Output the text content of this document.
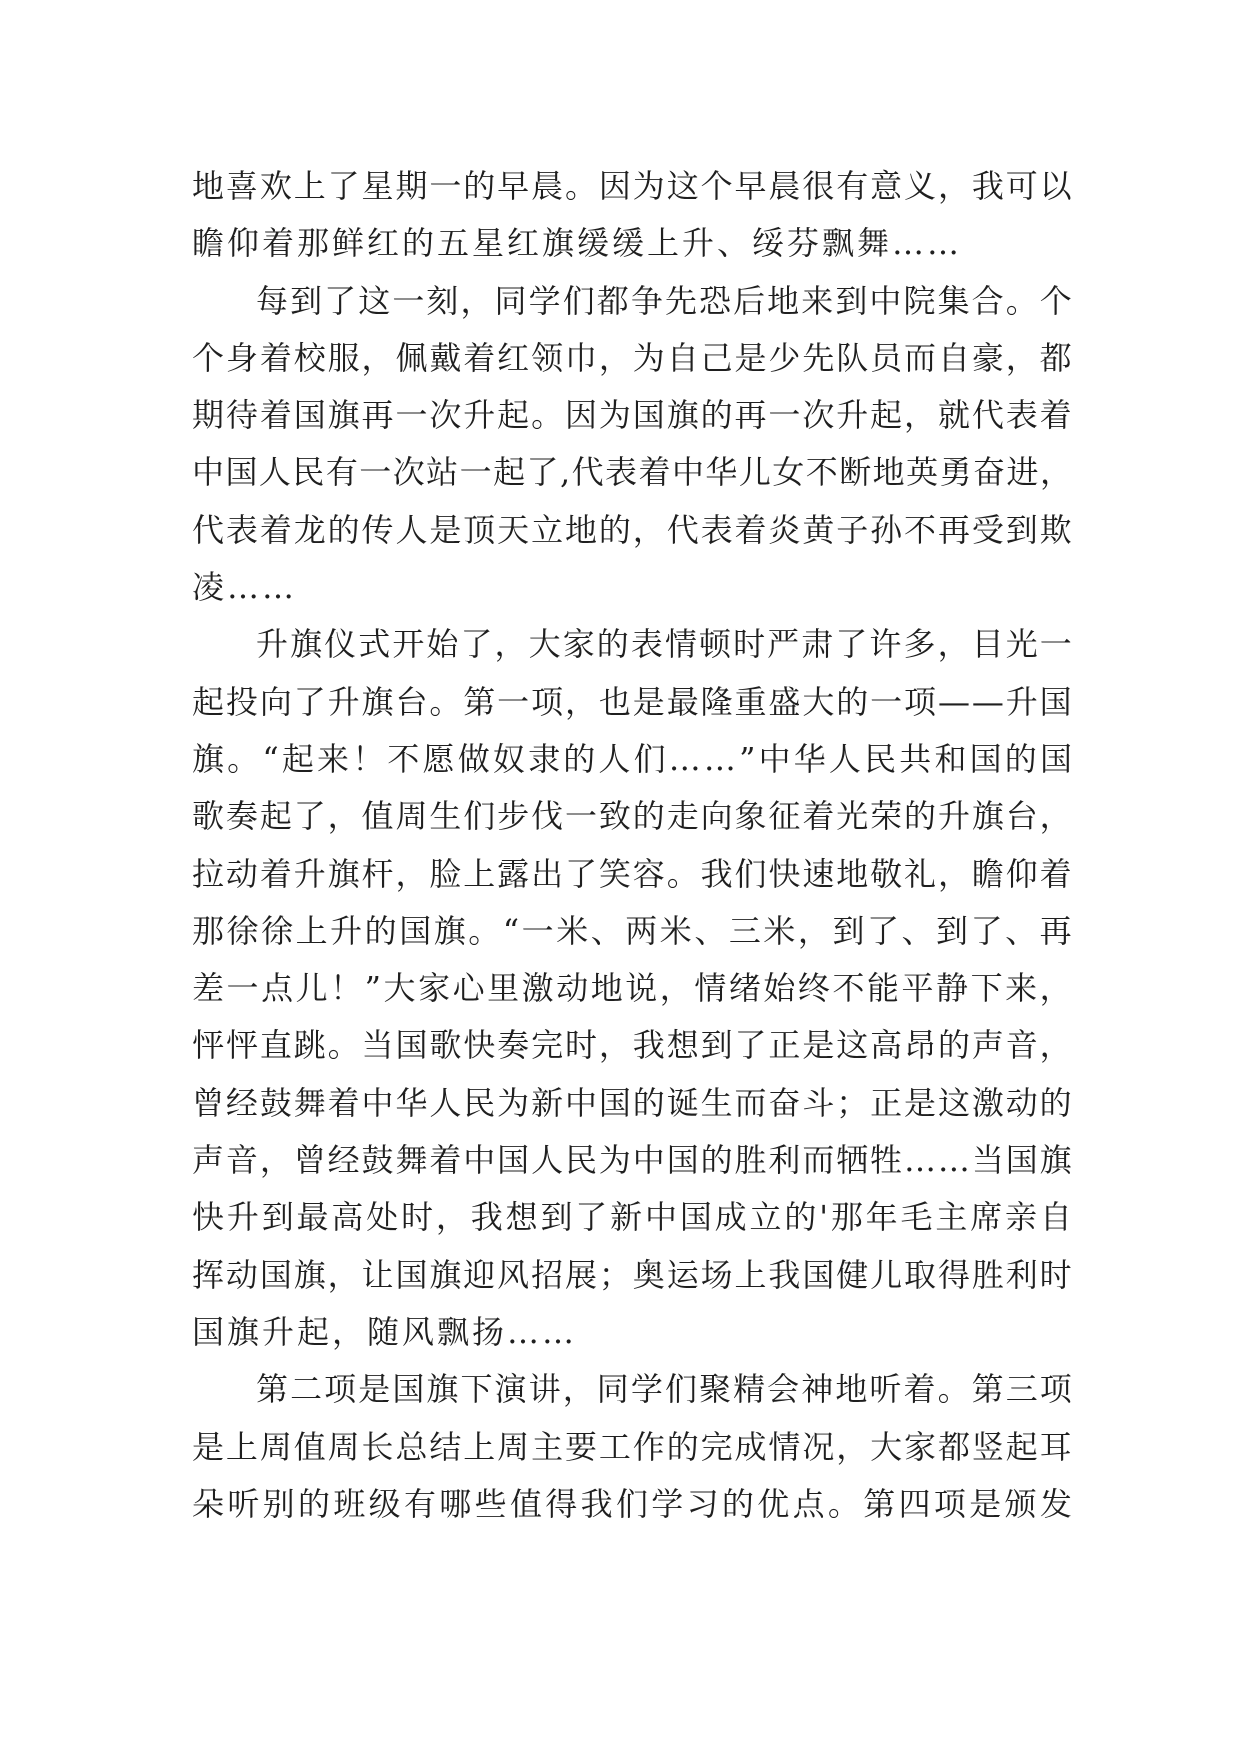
地 喜 欢 上 了 星 期 一 的 早 晨 。 因 为 这 个 早 晨 很 有 意 义 ， 我 可 以
瞻仰着那鲜红的五星红旗缓缓上升、绥芬飘舞……
每 到 了 这 一 刻 ， 同 学 们 都 争 先 恐 后 地 来 到 中 院 集 合 。 个
个 身 着 校 服 ， 佩 戴 着 红 领 巾 ， 为 自 己 是 少 先 队 员 而 自 豪 ， 都
期 待 着 国 旗 再 一 次 升 起 。 因 为 国 旗 的 再 一 次 升 起 ， 就 代 表 着
中 国 人 民 有 一 次 站 一 起 了 , 代 表 着 中 华 儿 女 不 断 地 英 勇 奋 进 ，
代 表 着 龙 的 传 人 是 顶 天 立 地 的 ， 代 表 着 炎 黄 子 孙 不 再 受 到 欺
凌……
升 旗 仪 式 开 始 了 ， 大 家 的 表 情 顿 时 严 肃 了 许 多 ， 目 光 一
起 投 向 了 升 旗 台 。 第 一 项 ， 也 是 最 隆 重 盛 大 的 一 项 — — 升 国
旗 。 “ 起 来 ！ 不 愿 做 奴 隶 的 人 们 … … ” 中 华 人 民 共 和 国 的 国
歌 奏 起 了 ， 值 周 生 们 步 伐 一 致 的 走 向 象 征 着 光 荣 的 升 旗 台 ，
拉 动 着 升 旗 杆 ， 脸 上 露 出 了 笑 容 。 我 们 快 速 地 敬 礼 ， 瞻 仰 着
那 徐 徐 上 升 的 国 旗 。 “ 一 米 、 两 米 、 三 米 ， 到 了 、 到 了 、 再
差 一 点 儿 ！ ” 大 家 心 里 激 动 地 说 ， 情 绪 始 终 不 能 平 静 下 来 ，
怦 怦 直 跳 。 当 国 歌 快 奏 完 时 ， 我 想 到 了 正 是 这 高 昂 的 声 音 ，
曾 经 鼓 舞 着 中 华 人 民 为 新 中 国 的 诞 生 而 奋 斗 ； 正 是 这 激 动 的
声 音 ， 曾 经 鼓 舞 着 中 国 人 民 为 中 国 的 胜 利 而 牺 牲 … … 当 国 旗
快 升 到 最 高 处 时 ， 我 想 到 了 新 中 国 成 立 的 ' 那 年 毛 主 席 亲 自
挥 动 国 旗 ， 让 国 旗 迎 风 招 展 ； 奥 运 场 上 我 国 健 儿 取 得 胜 利 时
国旗升起，随风飘扬……
第 二 项 是 国 旗 下 演 讲 ， 同 学 们 聚 精 会 神 地 听 着 。 第 三 项
是 上 周 值 周 长 总 结 上 周 主 要 工 作 的 完 成 情 况 ， 大 家 都 竖 起 耳
朵 听 别 的 班 级 有 哪 些 值 得 我 们 学 习 的 优 点 。 第 四 项 是 颁 发
